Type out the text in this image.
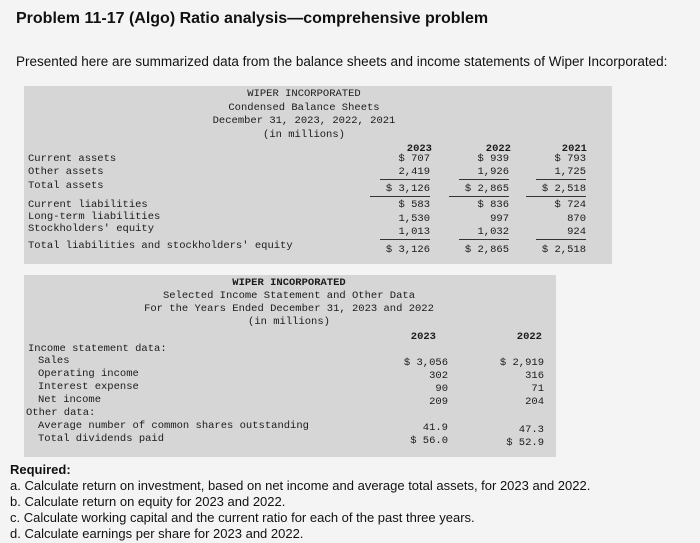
Problem 11-17 (Algo) Ratio analysis—comprehensive problem
Presented here are summarized data from the balance sheets and income statements of Wiper Incorporated:
WIPER INCORPORATED
Condensed Balance Sheets
December 31, 2023, 2022, 2021
(in millions)
2023	2022	2021
Current assets	$ 707	$ 939	$ 793
Other assets	2,419	1,926	1,725
Total assets	$ 3,126	$ 2,865	$ 2,518
Current liabilities	$ 583	$ 836	$ 724
Long-term liabilities	1,530	997	870
Stockholders' equity	1,013	1,032	924
Total liabilities and stockholders' equity	$ 3,126	$ 2,865	$ 2,518
WIPER INCORPORATED
Selected Income Statement and Other Data
For the Years Ended December 31, 2023 and 2022
(in millions)
2023	2022
Income statement data:
Sales	$ 3,056	$ 2,919
Operating income	302	316
Interest expense	90	71
Net income	209	204
Other data:
Average number of common shares outstanding	41.9	47.3
Total dividends paid	$ 56.0	$ 52.9
Required:
a. Calculate return on investment, based on net income and average total assets, for 2023 and 2022.
b. Calculate return on equity for 2023 and 2022.
c. Calculate working capital and the current ratio for each of the past three years.
d. Calculate earnings per share for 2023 and 2022.
